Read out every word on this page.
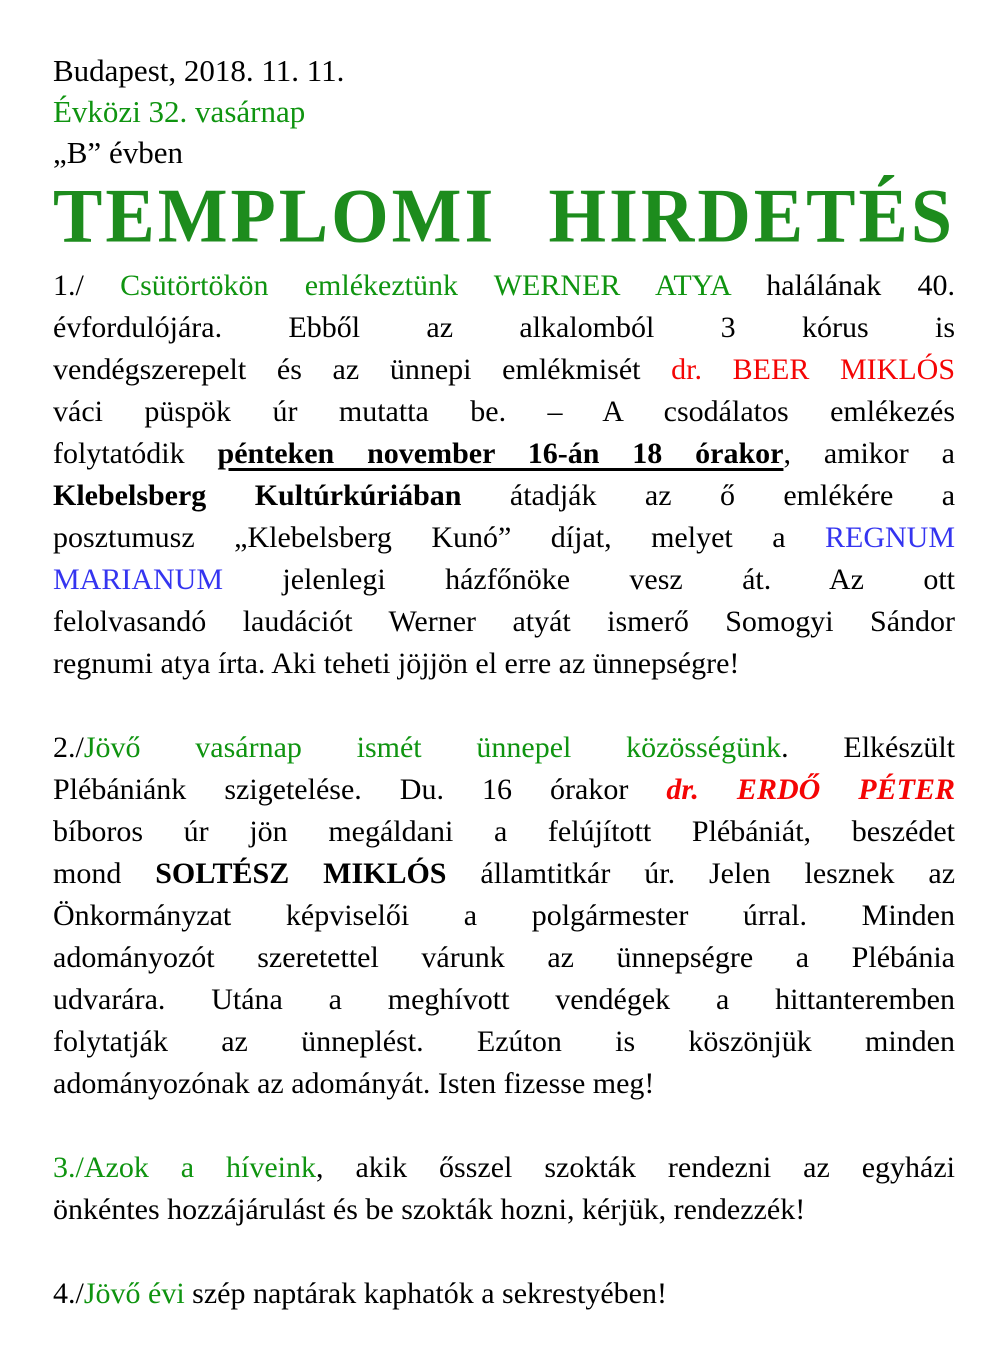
Budapest, 2018. 11. 11.
Évközi 32. vasárnap
„B” évben
TEMPLOMI HIRDETÉS
1./ Csütörtökön emlékeztünk WERNER ATYA halálának 40.
évfordulójára. Ebből az alkalomból 3 kórus is
vendégszerepelt és az ünnepi emlékmisét dr. BEER MIKLÓS
váci püspök úr mutatta be. – A csodálatos emlékezés
folytatódik pénteken november 16-án 18 órakor, amikor a
Klebelsberg Kultúrkúriában átadják az ő emlékére a
posztumusz „Klebelsberg Kunó” díjat, melyet a REGNUM
MARIANUM jelenlegi házfőnöke vesz át. Az ott
felolvasandó laudációt Werner atyát ismerő Somogyi Sándor
regnumi atya írta. Aki teheti jöjjön el erre az ünnepségre!
2./Jövő vasárnap ismét ünnepel közösségünk. Elkészült
Plébániánk szigetelése. Du. 16 órakor dr. ERDŐ PÉTER
bíboros úr jön megáldani a felújított Plébániát, beszédet
mond SOLTÉSZ MIKLÓS államtitkár úr. Jelen lesznek az
Önkormányzat képviselői a polgármester úrral. Minden
adományozót szeretettel várunk az ünnepségre a Plébánia
udvarára. Utána a meghívott vendégek a hittanteremben
folytatják az ünneplést. Ezúton is köszönjük minden
adományozónak az adományát. Isten fizesse meg!
3./Azok a híveink, akik ősszel szokták rendezni az egyházi
önkéntes hozzájárulást és be szokták hozni, kérjük, rendezzék!
4./Jövő évi szép naptárak kaphatók a sekrestyében!
